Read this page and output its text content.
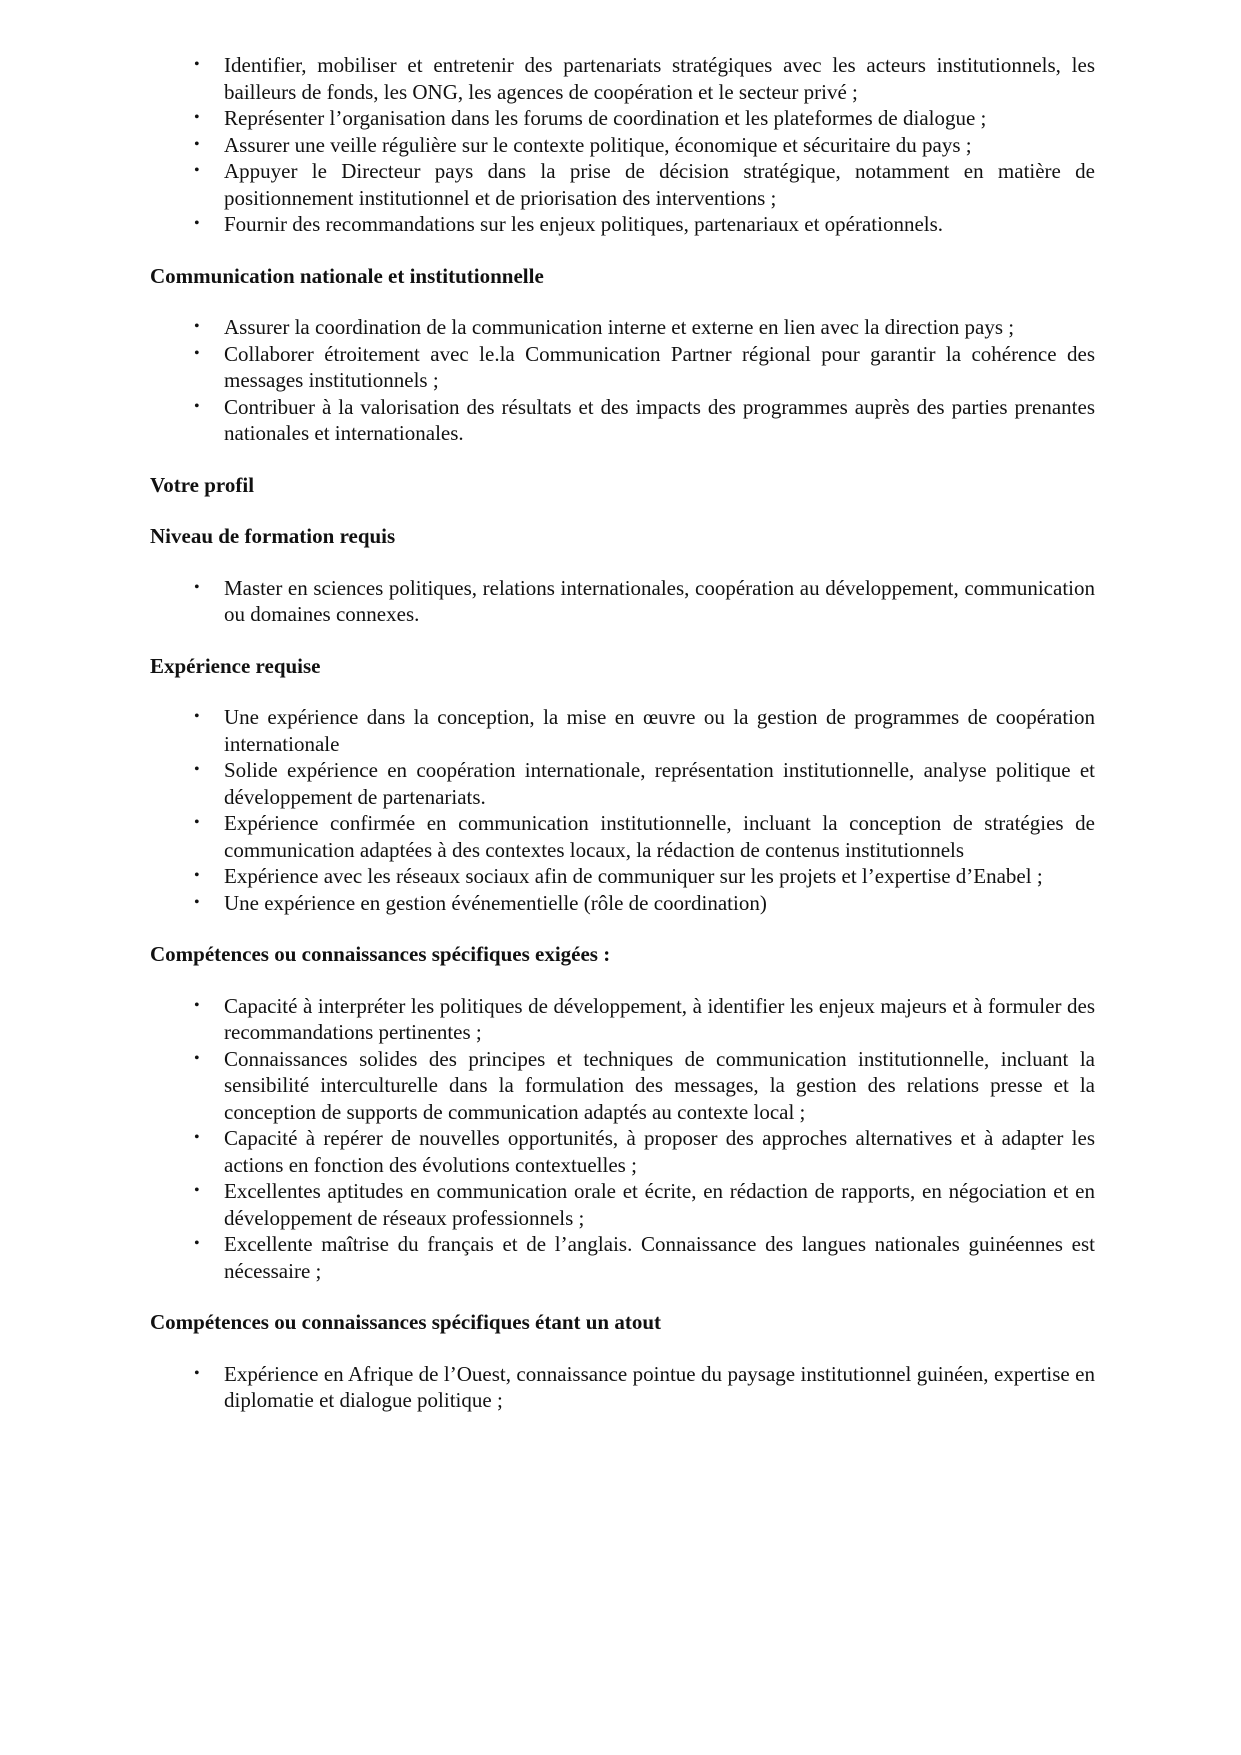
• Identifier, mobiliser et entretenir des partenariats stratégiques avec les acteurs institutionnels, les bailleurs de fonds, les ONG, les agences de coopération et le secteur privé ;
• Représenter l’organisation dans les forums de coordination et les plateformes de dialogue ;
• Assurer une veille régulière sur le contexte politique, économique et sécuritaire du pays ;
• Appuyer le Directeur pays dans la prise de décision stratégique, notamment en matière de positionnement institutionnel et de priorisation des interventions ;
• Fournir des recommandations sur les enjeux politiques, partenariaux et opérationnels.

Communication nationale et institutionnelle

• Assurer la coordination de la communication interne et externe en lien avec la direction pays ;
• Collaborer étroitement avec le.la Communication Partner régional pour garantir la cohérence des messages institutionnels ;
• Contribuer à la valorisation des résultats et des impacts des programmes auprès des parties prenantes nationales et internationales.

Votre profil

Niveau de formation requis

• Master en sciences politiques, relations internationales, coopération au développement, communication ou domaines connexes.

Expérience requise

• Une expérience dans la conception, la mise en œuvre ou la gestion de programmes de coopération internationale
• Solide expérience en coopération internationale, représentation institutionnelle, analyse politique et développement de partenariats.
• Expérience confirmée en communication institutionnelle, incluant la conception de stratégies de communication adaptées à des contextes locaux, la rédaction de contenus institutionnels
• Expérience avec les réseaux sociaux afin de communiquer sur les projets et l’expertise d’Enabel ;
• Une expérience en gestion événementielle (rôle de coordination)

Compétences ou connaissances spécifiques exigées :

• Capacité à interpréter les politiques de développement, à identifier les enjeux majeurs et à formuler des recommandations pertinentes ;
• Connaissances solides des principes et techniques de communication institutionnelle, incluant la sensibilité interculturelle dans la formulation des messages, la gestion des relations presse et la conception de supports de communication adaptés au contexte local ;
• Capacité à repérer de nouvelles opportunités, à proposer des approches alternatives et à adapter les actions en fonction des évolutions contextuelles ;
• Excellentes aptitudes en communication orale et écrite, en rédaction de rapports, en négociation et en développement de réseaux professionnels ;
• Excellente maîtrise du français et de l’anglais. Connaissance des langues nationales guinéennes est nécessaire ;

Compétences ou connaissances spécifiques étant un atout

• Expérience en Afrique de l’Ouest, connaissance pointue du paysage institutionnel guinéen, expertise en diplomatie et dialogue politique ;
